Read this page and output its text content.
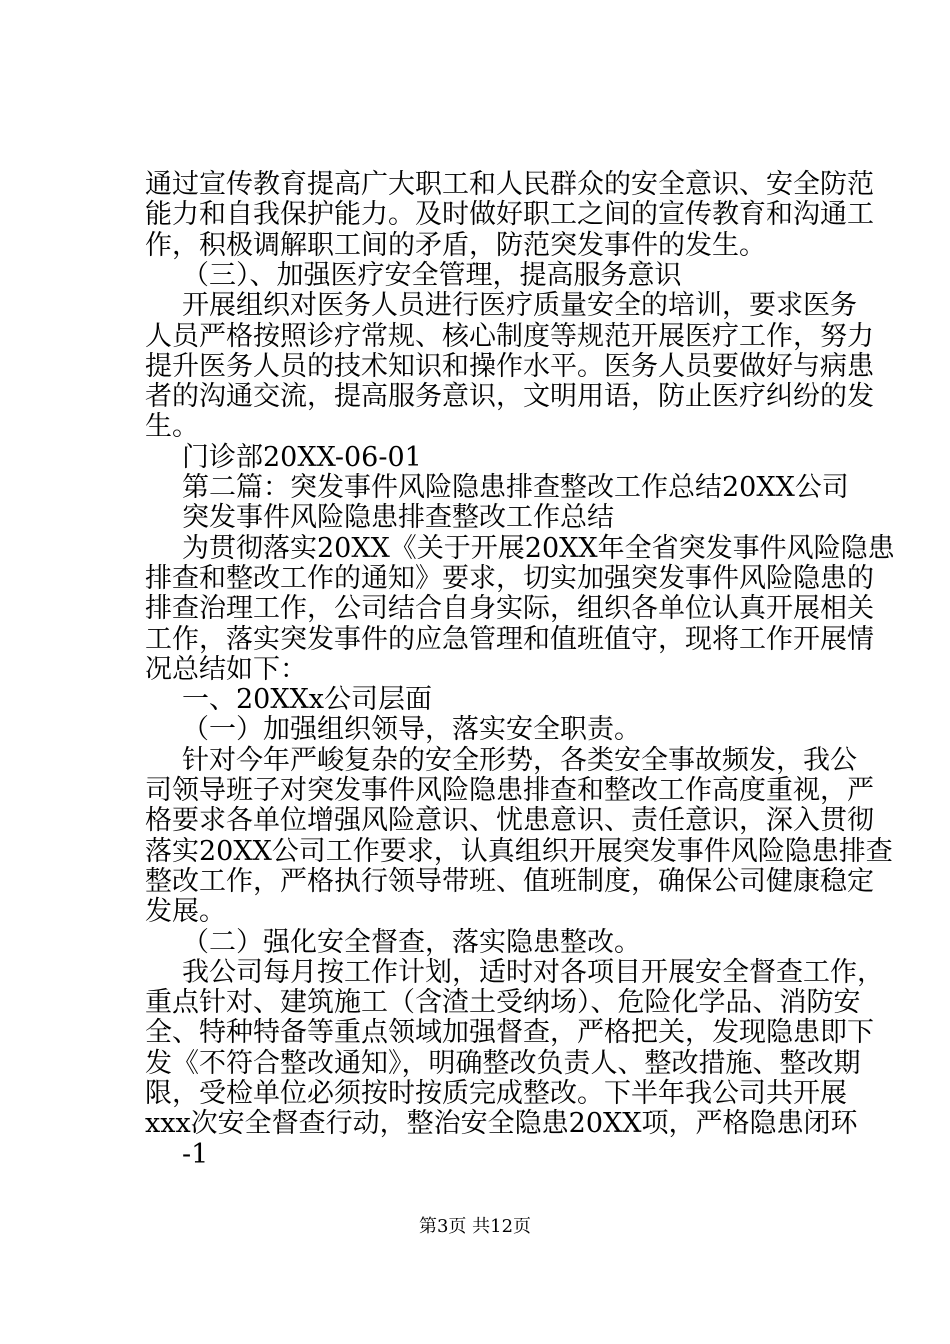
通过宣传教育提高广大职工和人民群众的安全意识、安全防范

能力和自我保护能力。及时做好职工之间的宣传教育和沟通工

作，积极调解职工间的矛盾，防范突发事件的发生。

（三）、加强医疗安全管理，提高服务意识

开展组织对医务人员进行医疗质量安全的培训，要求医务

人员严格按照诊疗常规、核心制度等规范开展医疗工作，努力

提升医务人员的技术知识和操作水平。医务人员要做好与病患

者的沟通交流，提高服务意识，文明用语，防止医疗纠纷的发

生。

门诊部20XX-06-01

第二篇：突发事件风险隐患排查整改工作总结20XX公司

突发事件风险隐患排查整改工作总结

为贯彻落实20XX《关于开展20XX年全省突发事件风险隐患

排查和整改工作的通知》要求，切实加强突发事件风险隐患的

排查治理工作，公司结合自身实际，组织各单位认真开展相关

工作，落实突发事件的应急管理和值班值守，现将工作开展情

况总结如下：

一、20XXx公司层面

（一）加强组织领导，落实安全职责。

针对今年严峻复杂的安全形势，各类安全事故频发，我公

司领导班子对突发事件风险隐患排查和整改工作高度重视，严

格要求各单位增强风险意识、忧患意识、责任意识，深入贯彻

落实20XX公司工作要求，认真组织开展突发事件风险隐患排查

整改工作，严格执行领导带班、值班制度，确保公司健康稳定

发展。

（二）强化安全督查，落实隐患整改。

我公司每月按工作计划，适时对各项目开展安全督查工作，

重点针对、建筑施工（含渣土受纳场）、危险化学品、消防安

全、特种特备等重点领域加强督查，严格把关，发现隐患即下

发《不符合整改通知》，明确整改负责人、整改措施、整改期

限，受检单位必须按时按质完成整改。下半年我公司共开展

xxx次安全督查行动，整治安全隐患20XX项，严格隐患闭环

-1

第3页 共12页
